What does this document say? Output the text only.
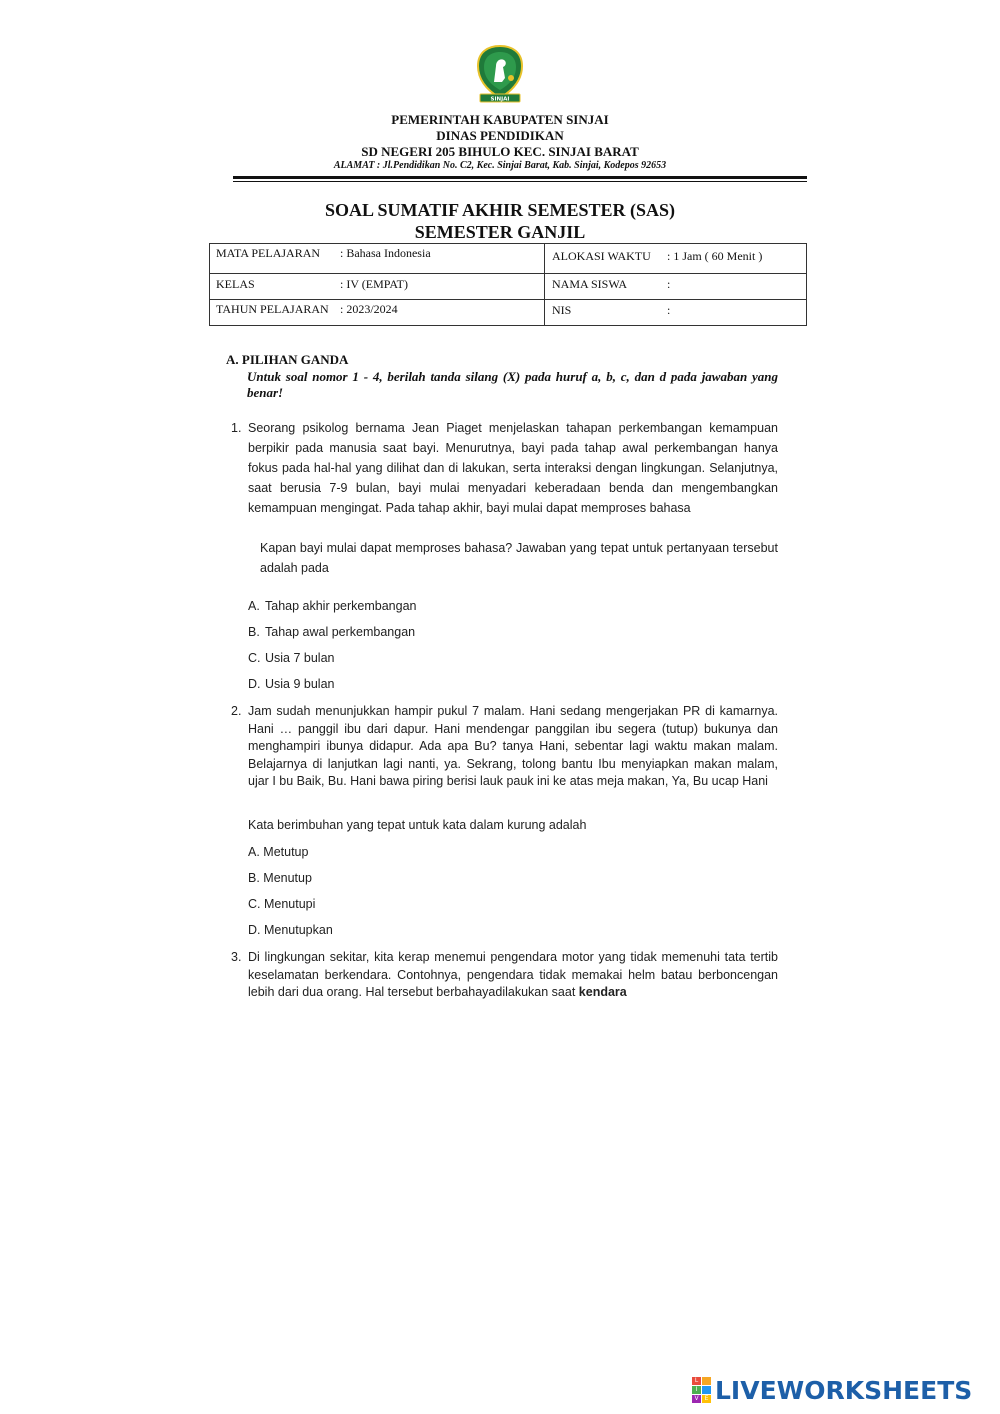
SINJAI
PEMERINTAH KABUPATEN SINJAI
DINAS PENDIDIKAN
SD NEGERI 205 BIHULO KEC. SINJAI BARAT
ALAMAT : Jl.Pendidikan No. C2, Kec. Sinjai Barat, Kab. Sinjai, Kodepos 92653
SOAL SUMATIF AKHIR SEMESTER (SAS)
SEMESTER GANJIL
MATA PELAJARAN : Bahasa Indonesia	ALOKASI WAKTU : 1 Jam ( 60 Menit )
KELAS	: IV (EMPAT)	NAMA SISWA	:
TAHUN PELAJARAN : 2023/2024	NIS	:
A. PILIHAN GANDA
Untuk soal nomor 1 - 4, berilah tanda silang (X) pada huruf a, b, c, dan d pada jawaban yang benar!
1. Seorang psikolog bernama Jean Piaget menjelaskan tahapan perkembangan kemampuan berpikir pada manusia saat bayi. Menurutnya, bayi pada tahap awal perkembangan hanya fokus pada hal-hal yang dilihat dan di lakukan, serta interaksi dengan lingkungan. Selanjutnya, saat berusia 7-9 bulan, bayi mulai menyadari keberadaan benda dan mengembangkan kemampuan mengingat. Pada tahap akhir, bayi mulai dapat memproses bahasa
Kapan bayi mulai dapat memproses bahasa? Jawaban yang tepat untuk pertanyaan tersebut adalah pada
A. Tahap akhir perkembangan
B. Tahap awal perkembangan
C. Usia 7 bulan
D. Usia 9 bulan
2. Jam sudah menunjukkan hampir pukul 7 malam. Hani sedang mengerjakan PR di kamarnya. Hani … panggil ibu dari dapur. Hani mendengar panggilan ibu segera (tutup) bukunya dan menghampiri ibunya didapur. Ada apa Bu? tanya Hani, sebentar lagi waktu makan malam. Belajarnya di lanjutkan lagi nanti, ya. Sekrang, tolong bantu Ibu menyiapkan makan malam, ujar I bu Baik, Bu. Hani bawa piring berisi lauk pauk ini ke atas meja makan, Ya, Bu ucap Hani
Kata berimbuhan yang tepat untuk kata dalam kurung adalah
A. Metutup
B. Menutup
C. Menutupi
D. Menutupkan
3. Di lingkungan sekitar, kita kerap menemui pengendara motor yang tidak memenuhi tata tertib keselamatan berkendara. Contohnya, pengendara tidak memakai helm batau berboncengan lebih dari dua orang. Hal tersebut berbahayadilakukan saat kendara
L
I
V	E LIVEWORKSHEETS
